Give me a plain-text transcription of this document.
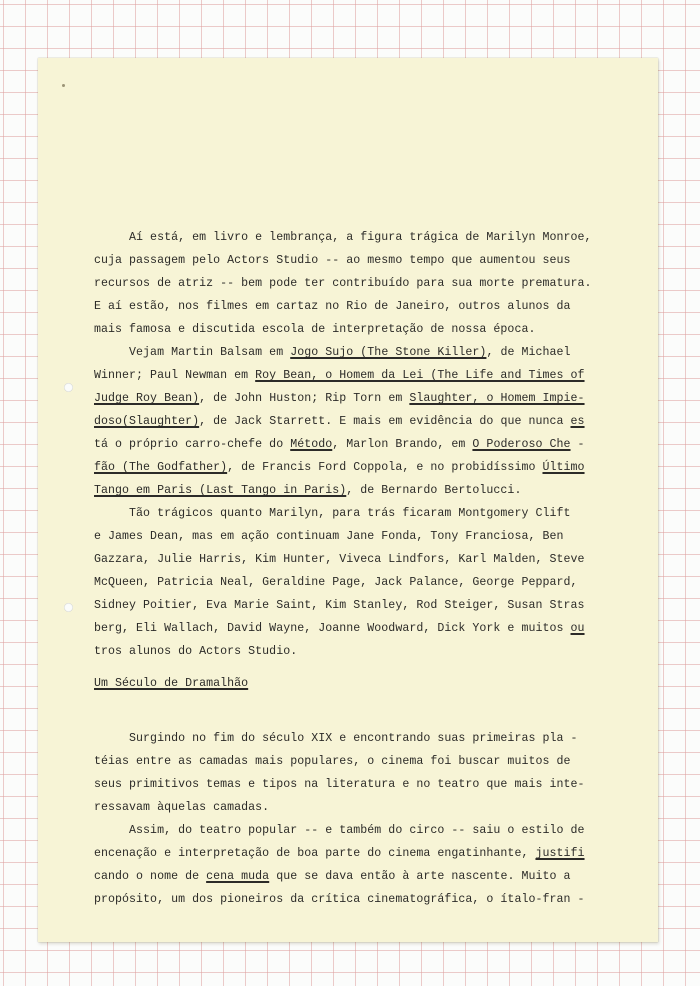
Aí está, em livro e lembrança, a figura trágica de Marilyn Monroe,
cuja passagem pelo Actors Studio -- ao mesmo tempo que aumentou seus
recursos de atriz -- bem pode ter contribuído para sua morte prematura.
E aí estão, nos filmes em cartaz no Rio de Janeiro, outros alunos da
mais famosa e discutida escola de interpretação de nossa época.
Vejam Martin Balsam em Jogo Sujo (The Stone Killer), de Michael
Winner; Paul Newman em Roy Bean, o Homem da Lei (The Life and Times of
Judge Roy Bean), de John Huston; Rip Torn em Slaughter, o Homem Impie-
doso(Slaughter), de Jack Starrett. E mais em evidência do que nunca es
tá o próprio carro-chefe do Método, Marlon Brando, em O Poderoso Che -
fão (The Godfather), de Francis Ford Coppola, e no probidíssimo Último
Tango em Paris (Last Tango in Paris), de Bernardo Bertolucci.
Tão trágicos quanto Marilyn, para trás ficaram Montgomery Clift
e James Dean, mas em ação continuam Jane Fonda, Tony Franciosa, Ben
Gazzara, Julie Harris, Kim Hunter, Viveca Lindfors, Karl Malden, Steve
McQueen, Patricia Neal, Geraldine Page, Jack Palance, George Peppard,
Sidney Poitier, Eva Marie Saint, Kim Stanley, Rod Steiger, Susan Stras
berg, Eli Wallach, David Wayne, Joanne Woodward, Dick York e muitos ou
tros alunos do Actors Studio.
Um Século de Dramalhão
Surgindo no fim do século XIX e encontrando suas primeiras pla -
téias entre as camadas mais populares, o cinema foi buscar muitos de
seus primitivos temas e tipos na literatura e no teatro que mais inte-
ressavam àquelas camadas.
Assim, do teatro popular -- e também do circo -- saiu o estilo de
encenação e interpretação de boa parte do cinema engatinhante, justifi
cando o nome de cena muda que se dava então à arte nascente. Muito a
propósito, um dos pioneiros da crítica cinematográfica, o ítalo-fran -
